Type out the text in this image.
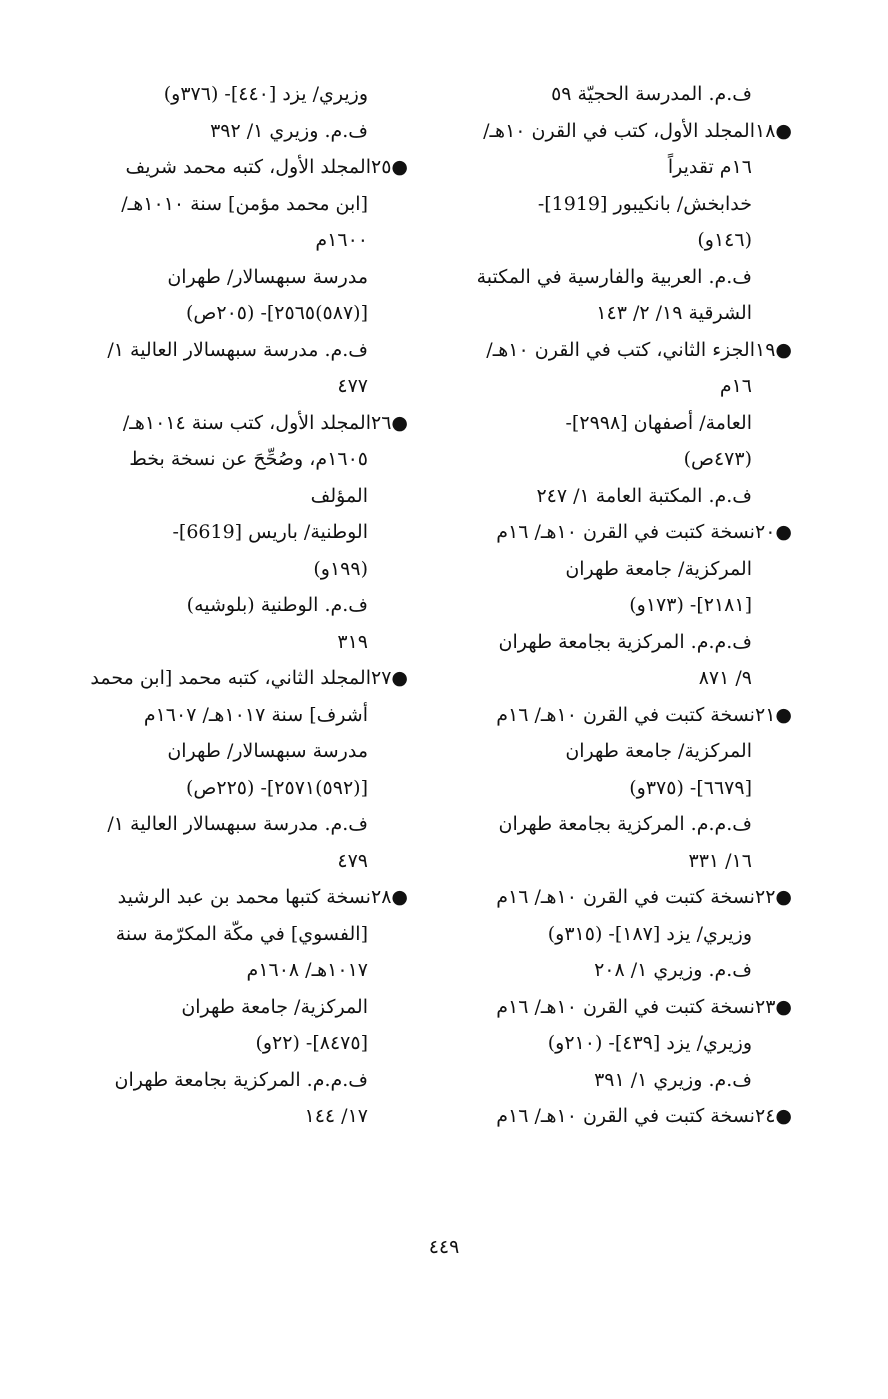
ف.م. المدرسة الحجيّة ٥٩
●١٨المجلد الأول، كتب في القرن ١٠هـ/
١٦م تقديراً
خدابخش/ بانكيبور [1919]-
(١٤٦و)
ف.م. العربية والفارسية في المكتبة
الشرقية ١٩/ ٢/ ١٤٣
●١٩الجزء الثاني، كتب في القرن ١٠هـ/
١٦م
العامة/ أصفهان [٢٩٩٨]-
(٤٧٣ص)
ف.م. المكتبة العامة ١/ ٢٤٧
●٢٠نسخة كتبت في القرن ١٠هـ/ ١٦م
المركزية/ جامعة طهران
[٢١٨١]- (١٧٣و)
ف.م.م. المركزية بجامعة طهران
٩/ ٨٧١
●٢١نسخة كتبت في القرن ١٠هـ/ ١٦م
المركزية/ جامعة طهران
[٦٦٧٩]- (٣٧٥و)
ف.م.م. المركزية بجامعة طهران
١٦/ ٣٣١
●٢٢نسخة كتبت في القرن ١٠هـ/ ١٦م
وزيري/ يزد [١٨٧]- (٣١٥و)
ف.م. وزيري ١/ ٢٠٨
●٢٣نسخة كتبت في القرن ١٠هـ/ ١٦م
وزيري/ يزد [٤٣٩]- (٢١٠و)
ف.م. وزيري ١/ ٣٩١
●٢٤نسخة كتبت في القرن ١٠هـ/ ١٦م
وزيري/ يزد [٤٤٠]- (٣٧٦و)
ف.م. وزيري ١/ ٣٩٢
●٢٥المجلد الأول، كتبه محمد شريف
[ابن محمد مؤمن] سنة ١٠١٠هـ/
١٦٠٠م
مدرسة سبهسالار/ طهران
[(٥٨٧)٢٥٦٥]- (٢٠٥ص)
ف.م. مدرسة سبهسالار العالية ١/
٤٧٧
●٢٦المجلد الأول، كتب سنة ١٠١٤هـ/
١٦٠٥م، وصُحِّحَ عن نسخة بخط
المؤلف
الوطنية/ باريس [6619]-
(١٩٩و)
ف.م. الوطنية (بلوشيه)
٣١٩
●٢٧المجلد الثاني، كتبه محمد [ابن محمد
أشرف] سنة ١٠١٧هـ/ ١٦٠٧م
مدرسة سبهسالار/ طهران
[(٥٩٢)٢٥٧١]- (٢٢٥ص)
ف.م. مدرسة سبهسالار العالية ١/
٤٧٩
●٢٨نسخة كتبها محمد بن عبد الرشيد
[الفسوي] في مكّة المكرّمة سنة
١٠١٧هـ/ ١٦٠٨م
المركزية/ جامعة طهران
[٨٤٧٥]- (٢٢و)
ف.م.م. المركزية بجامعة طهران
١٧/ ١٤٤
٤٤٩
